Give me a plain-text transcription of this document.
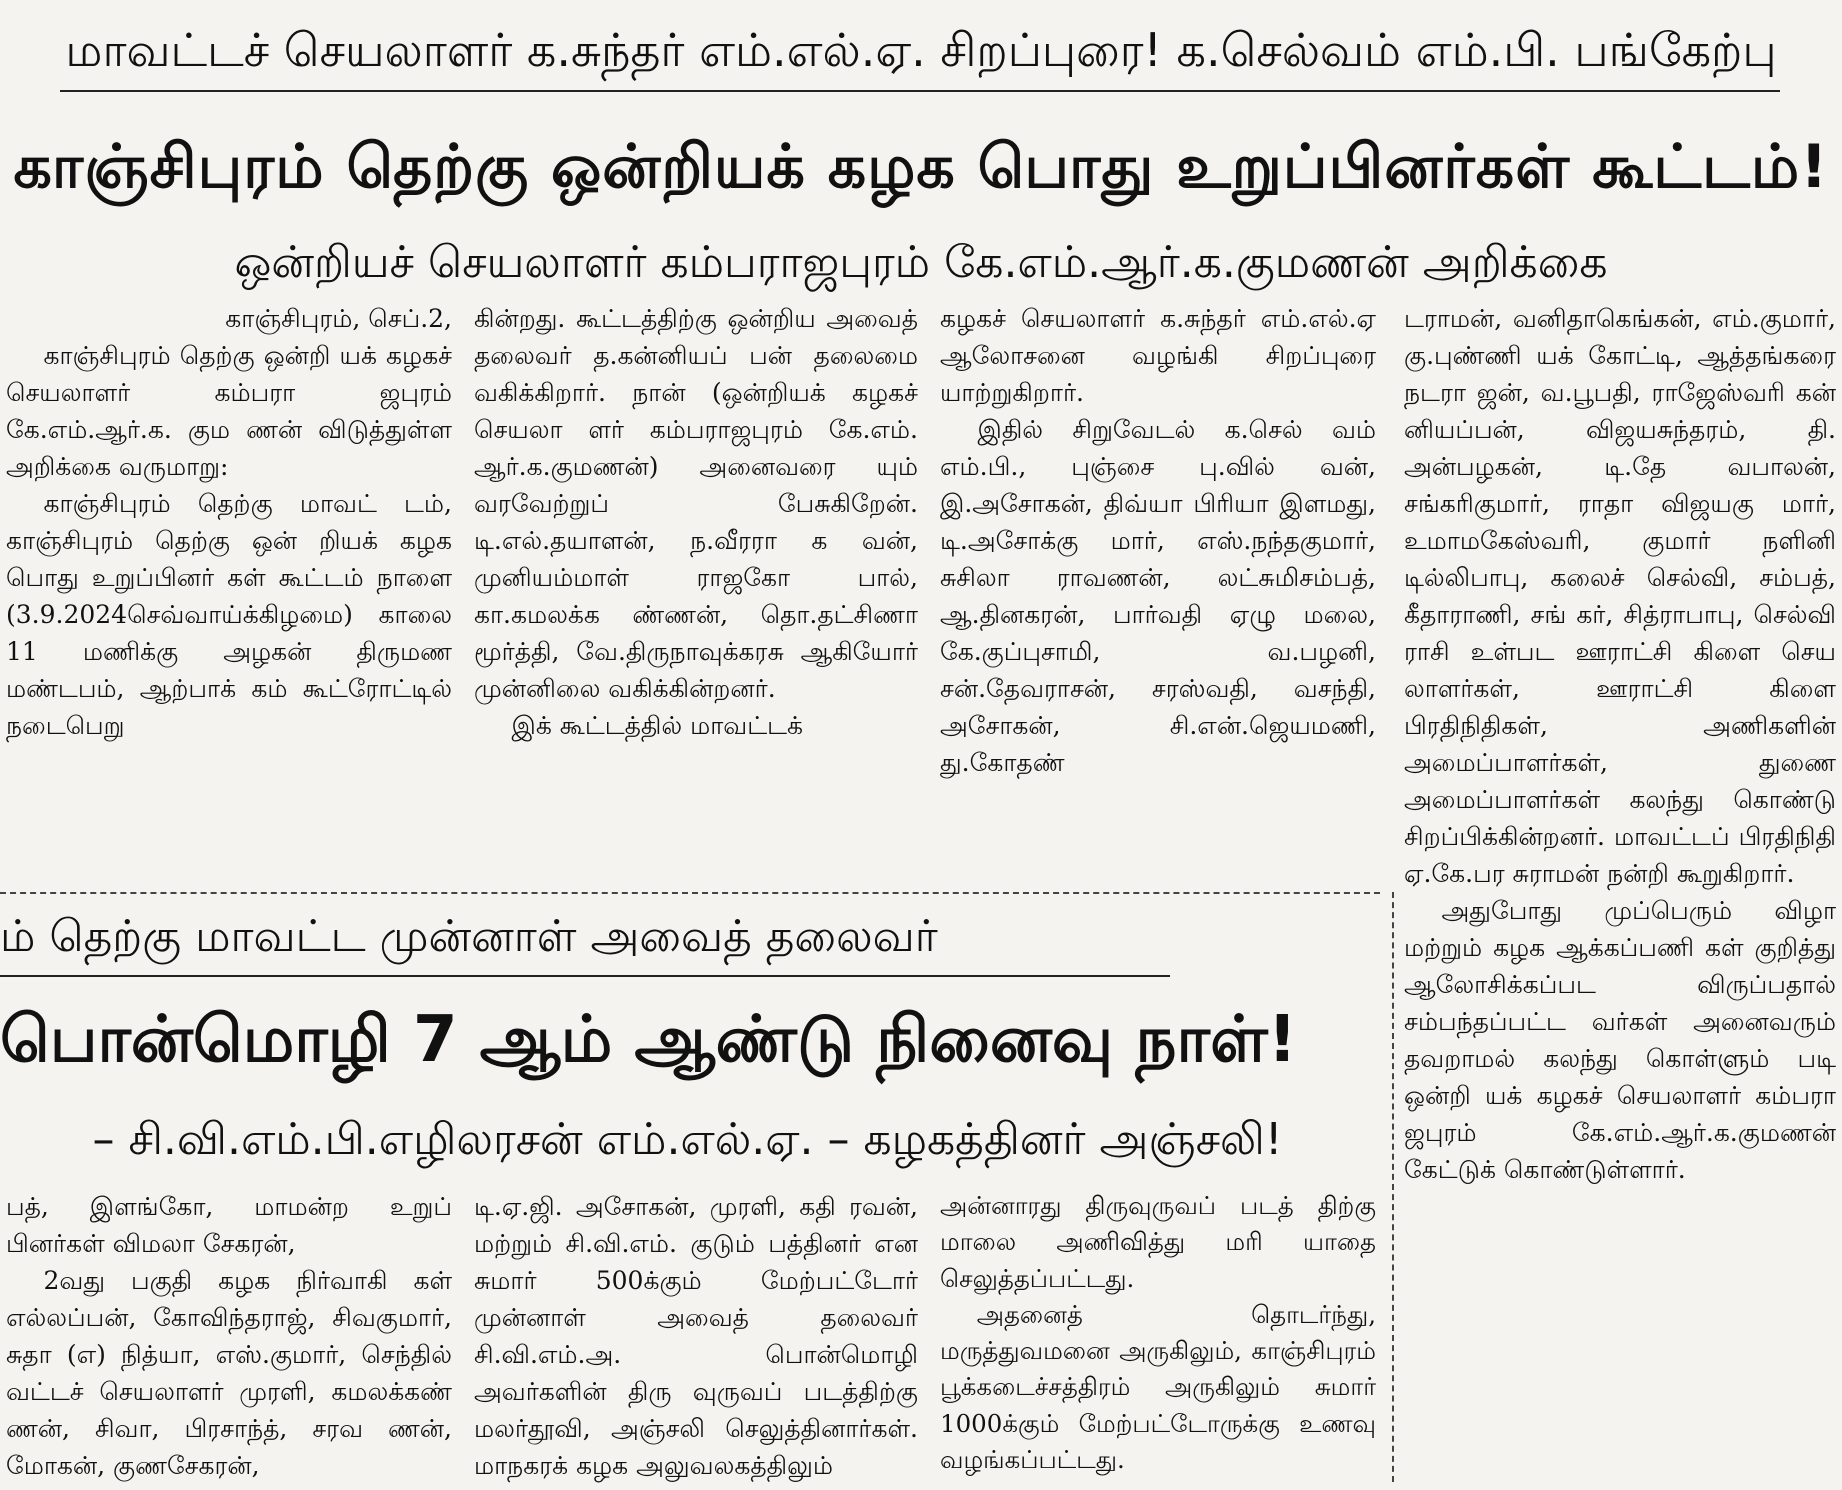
மாவட்டச் செயலாளர் க.சுந்தர் எம்.எல்.ஏ. சிறப்புரை! க.செல்வம் எம்.பி. பங்கேற்பு
காஞ்சிபுரம் தெற்கு ஒன்றியக் கழக பொது உறுப்பினர்கள் கூட்டம்!
ஒன்றியச் செயலாளர் கம்பராஜபுரம் கே.எம்.ஆர்.க.குமணன் அறிக்கை

காஞ்சிபுரம், செப்.2,

காஞ்சிபுரம் தெற்கு ஒன்றி யக் கழகச் செயலாளர் கம்பரா ஜபுரம் கே.எம்.ஆர்.க. கும ணன் விடுத்துள்ள அறிக்கை வருமாறு:

காஞ்சிபுரம் தெற்கு மாவட் டம், காஞ்சிபுரம் தெற்கு ஒன் றியக் கழக பொது உறுப்பினர் கள் கூட்டம் நாளை (3.9.2024செவ்வாய்க்கிழமை) காலை 11 மணிக்கு அழகன் திருமண மண்டபம், ஆற்பாக் கம் கூட்ரோட்டில் நடைபெறு

கின்றது. கூட்டத்திற்கு ஒன்றிய அவைத் தலைவர் த.கன்னியப் பன் தலைமை வகிக்கிறார். நான் (ஒன்றியக் கழகச் செயலா ளர் கம்பராஜபுரம் கே.எம். ஆர்.க.குமணன்) அனைவரை யும் வரவேற்றுப் பேசுகிறேன். டி.எல்.தயாளன், ந.வீரரா க வன், முனியம்மாள் ராஜகோ பால், கா.கமலக்க ண்ணன், தொ.தட்சிணா மூர்த்தி, வே.திருநாவுக்கரசு ஆகியோர் முன்னிலை வகிக்கின்றனர்.

இக் கூட்டத்தில் மாவட்டக்

கழகச் செயலாளர் க.சுந்தர் எம்.எல்.ஏ ஆலோசனை வழங்கி சிறப்புரை யாற்றுகிறார்.

இதில் சிறுவேடல் க.செல் வம் எம்.பி., புஞ்சை பு.வில் வன், இ.அசோகன், திவ்யா பிரியா இளமது, டி.அசோக்கு மார், எஸ்.நந்தகுமார், சுசிலா ராவணன், லட்சுமிசம்பத், ஆ.தினகரன், பார்வதி ஏழு மலை, கே.குப்புசாமி, வ.பழனி, சன்.தேவராசன், சரஸ்வதி, வசந்தி, அசோகன், சி.என்.ஜெயமணி, து.கோதண்

டராமன், வனிதாகெங்கன், எம்.குமார், கு.புண்ணி யக் கோட்டி, ஆத்தங்கரை நடரா ஜன், வ.பூபதி, ராஜேஸ்வரி கன் னியப்பன், விஜயசுந்தரம், தி. அன்பழகன், டி.தே வபாலன், சங்கரிகுமார், ராதா விஜயகு மார், உமாமகேஸ்வரி, குமார் நளினி டில்லிபாபு, கலைச் செல்வி, சம்பத், கீதாராணி, சங் கர், சித்ராபாபு, செல்வி ராசி உள்பட ஊராட்சி கிளை செய லாளர்கள், ஊராட்சி கிளை பிரதிநிதிகள், அணிகளின் அமைப்பாளர்கள், துணை அமைப்பாளர்கள் கலந்து கொண்டு சிறப்பிக்கின்றனர். மாவட்டப் பிரதிநிதி ஏ.கே.பர சுராமன் நன்றி கூறுகிறார்.

அதுபோது முப்பெரும் விழா மற்றும் கழக ஆக்கப்பணி கள் குறித்து ஆலோசிக்கப்பட விருப்பதால் சம்பந்தப்பட்ட வர்கள் அனைவரும் தவறாமல் கலந்து கொள்ளும் படி ஒன்றி யக் கழகச் செயலாளர் கம்பரா ஜபுரம் கே.எம்.ஆர்.க.குமணன் கேட்டுக் கொண்டுள்ளார்.

ம் தெற்கு மாவட்ட முன்னாள் அவைத் தலைவர்
பொன்மொழி 7 ஆம் ஆண்டு நினைவு நாள்!
– சி.வி.எம்.பி.எழிலரசன் எம்.எல்.ஏ. – கழகத்தினர் அஞ்சலி!

பத், இளங்கோ, மாமன்ற உறுப் பினர்கள் விமலா சேகரன்,

2வது பகுதி கழக நிர்வாகி கள் எல்லப்பன், கோவிந்தராஜ், சிவகுமார், சுதா (எ) நித்யா, எஸ்.குமார், செந்தில் வட்டச் செயலாளர் முரளி, கமலக்கண் ணன், சிவா, பிரசாந்த், சரவ ணன், மோகன், குணசேகரன்,

டி.ஏ.ஜி. அசோகன், முரளி, கதி ரவன், மற்றும் சி.வி.எம். குடும் பத்தினர் என சுமார் 500க்கும் மேற்பட்டோர் முன்னாள் அவைத் தலைவர் சி.வி.எம்.அ. பொன்மொழி அவர்களின் திரு வுருவப் படத்திற்கு மலர்தூவி, அஞ்சலி செலுத்தினார்கள். மாநகரக் கழக அலுவலகத்திலும்

அன்னாரது திருவுருவப் படத் திற்கு மாலை அணிவித்து மரி யாதை செலுத்தப்பட்டது.

அதனைத் தொடர்ந்து, மருத்துவமனை அருகிலும், காஞ்சிபுரம் பூக்கடைச்சத்திரம் அருகிலும் சுமார் 1000க்கும் மேற்பட்டோருக்கு உணவு வழங்கப்பட்டது.
